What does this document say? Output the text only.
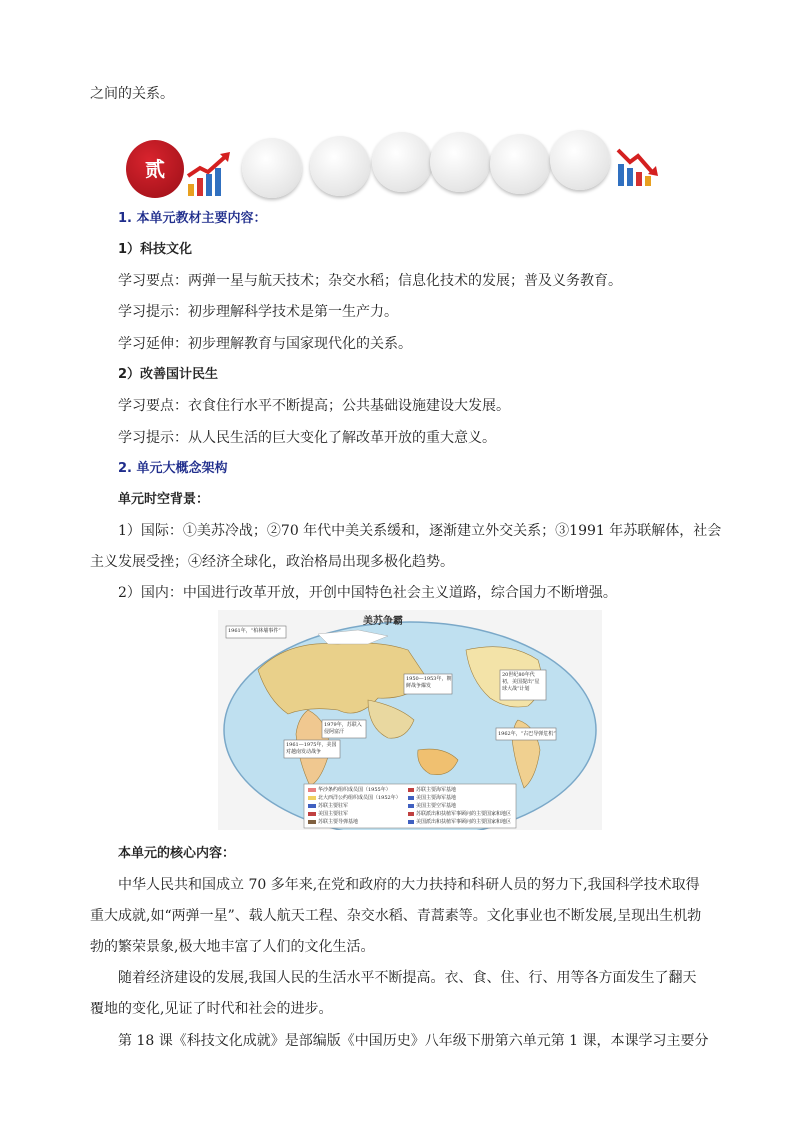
之间的关系。
贰
1. 本单元教材主要内容：
1）科技文化
学习要点：两弹一星与航天技术；杂交水稻；信息化技术的发展；普及义务教育。
学习提示：初步理解科学技术是第一生产力。
学习延伸：初步理解教育与国家现代化的关系。
2）改善国计民生
学习要点：衣食住行水平不断提高；公共基础设施建设大发展。
学习提示：从人民生活的巨大变化了解改革开放的重大意义。
2. 单元大概念架构
单元时空背景：
1）国际：①美苏冷战；②70 年代中美关系缓和，逐渐建立外交关系；③1991 年苏联解体，社会
主义发展受挫；④经济全球化，政治格局出现多极化趋势。
2）国内：中国进行改革开放，开创中国特色社会主义道路，综合国力不断增强。
美苏争霸
1961年，“柏林墙事件”
1950—1953年，朝鲜战争爆发
20世纪80年代初，美国提出“星球大战”计划
1979年，苏联入侵阿富汗
1961—1975年，美国对越南发动战争
1962年，“古巴导弹危机”
华沙条约组织成员国（1955年）
北大西洋公约组织成员国（1952年）
苏联主要驻军
美国主要驻军
苏联主要导弹基地
苏联主要海军基地
美国主要海军基地
美国主要空军基地
苏联派出和扶植军事顾问的主要国家和地区
美国派出和扶植军事顾问的主要国家和地区
本单元的核心内容：
中华人民共和国成立 70 多年来,在党和政府的大力扶持和科研人员的努力下,我国科学技术取得重大成就,如“两弹一星”、载人航天工程、杂交水稻、青蒿素等。文化事业也不断发展,呈现出生机勃勃的繁荣景象,极大地丰富了人们的文化生活。
随着经济建设的发展,我国人民的生活水平不断提高。衣、食、住、行、用等各方面发生了翻天覆地的变化,见证了时代和社会的进步。
第 18 课《科技文化成就》是部编版《中国历史》八年级下册第六单元第 1 课，本课学习主要分
